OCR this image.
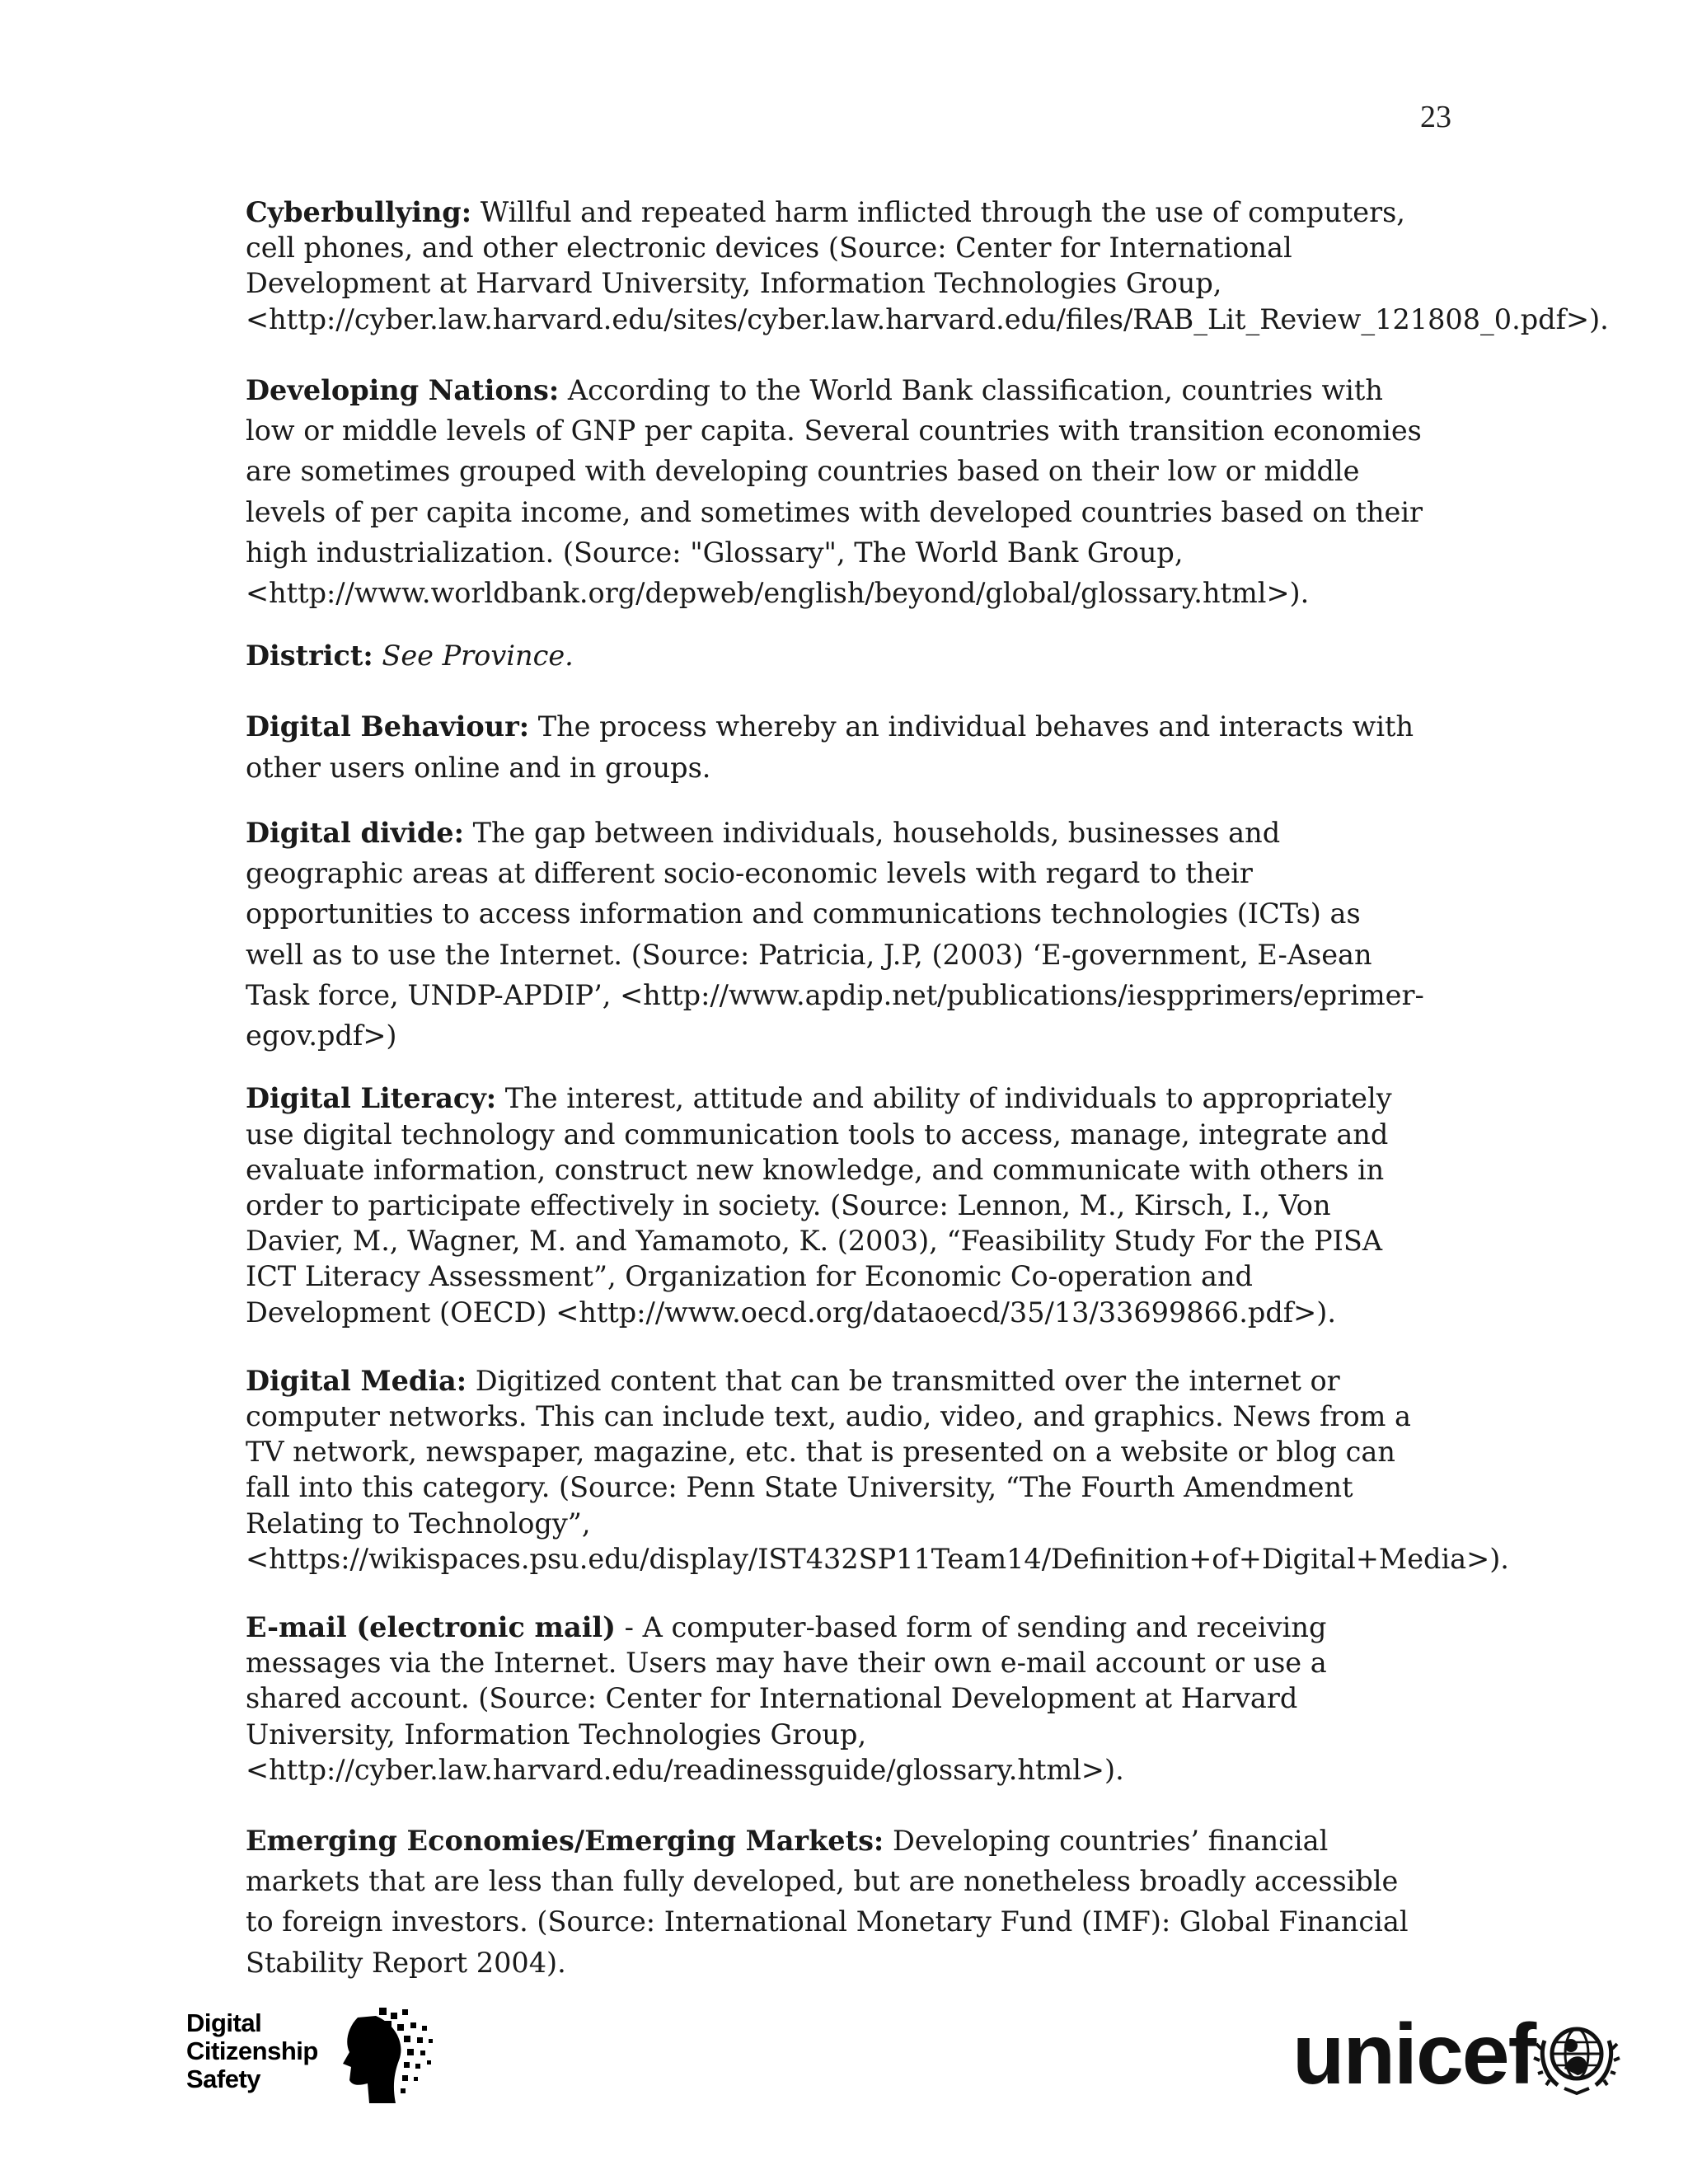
23

Cyberbullying: Willful and repeated harm inflicted through the use of computers, cell phones, and other electronic devices (Source: Center for International Development at Harvard University, Information Technologies Group, <http://cyber.law.harvard.edu/sites/cyber.law.harvard.edu/files/RAB_Lit_Review_121808_0.pdf>).

Developing Nations: According to the World Bank classification, countries with low or middle levels of GNP per capita. Several countries with transition economies are sometimes grouped with developing countries based on their low or middle levels of per capita income, and sometimes with developed countries based on their high industrialization. (Source: "Glossary", The World Bank Group, <http://www.worldbank.org/depweb/english/beyond/global/glossary.html>).

District: See Province.

Digital Behaviour: The process whereby an individual behaves and interacts with other users online and in groups.

Digital divide: The gap between individuals, households, businesses and geographic areas at different socio-economic levels with regard to their opportunities to access information and communications technologies (ICTs) as well as to use the Internet. (Source: Patricia, J.P, (2003) ‘E-government, E-Asean Task force, UNDP-APDIP’, <http://www.apdip.net/publications/iespprimers/eprimer-egov.pdf>)

Digital Literacy: The interest, attitude and ability of individuals to appropriately use digital technology and communication tools to access, manage, integrate and evaluate information, construct new knowledge, and communicate with others in order to participate effectively in society. (Source: Lennon, M., Kirsch, I., Von Davier, M., Wagner, M. and Yamamoto, K. (2003), “Feasibility Study For the PISA ICT Literacy Assessment”, Organization for Economic Co-operation and Development (OECD) <http://www.oecd.org/dataoecd/35/13/33699866.pdf>).

Digital Media: Digitized content that can be transmitted over the internet or computer networks. This can include text, audio, video, and graphics. News from a TV network, newspaper, magazine, etc. that is presented on a website or blog can fall into this category. (Source: Penn State University, “The Fourth Amendment Relating to Technology”, <https://wikispaces.psu.edu/display/IST432SP11Team14/Definition+of+Digital+Media>).

E-mail (electronic mail) - A computer-based form of sending and receiving messages via the Internet. Users may have their own e-mail account or use a shared account. (Source: Center for International Development at Harvard University, Information Technologies Group, <http://cyber.law.harvard.edu/readinessguide/glossary.html>).

Emerging Economies/Emerging Markets: Developing countries’ financial markets that are less than fully developed, but are nonetheless broadly accessible to foreign investors. (Source: International Monetary Fund (IMF): Global Financial Stability Report 2004).

Digital
Citizenship
Safety	unicef
